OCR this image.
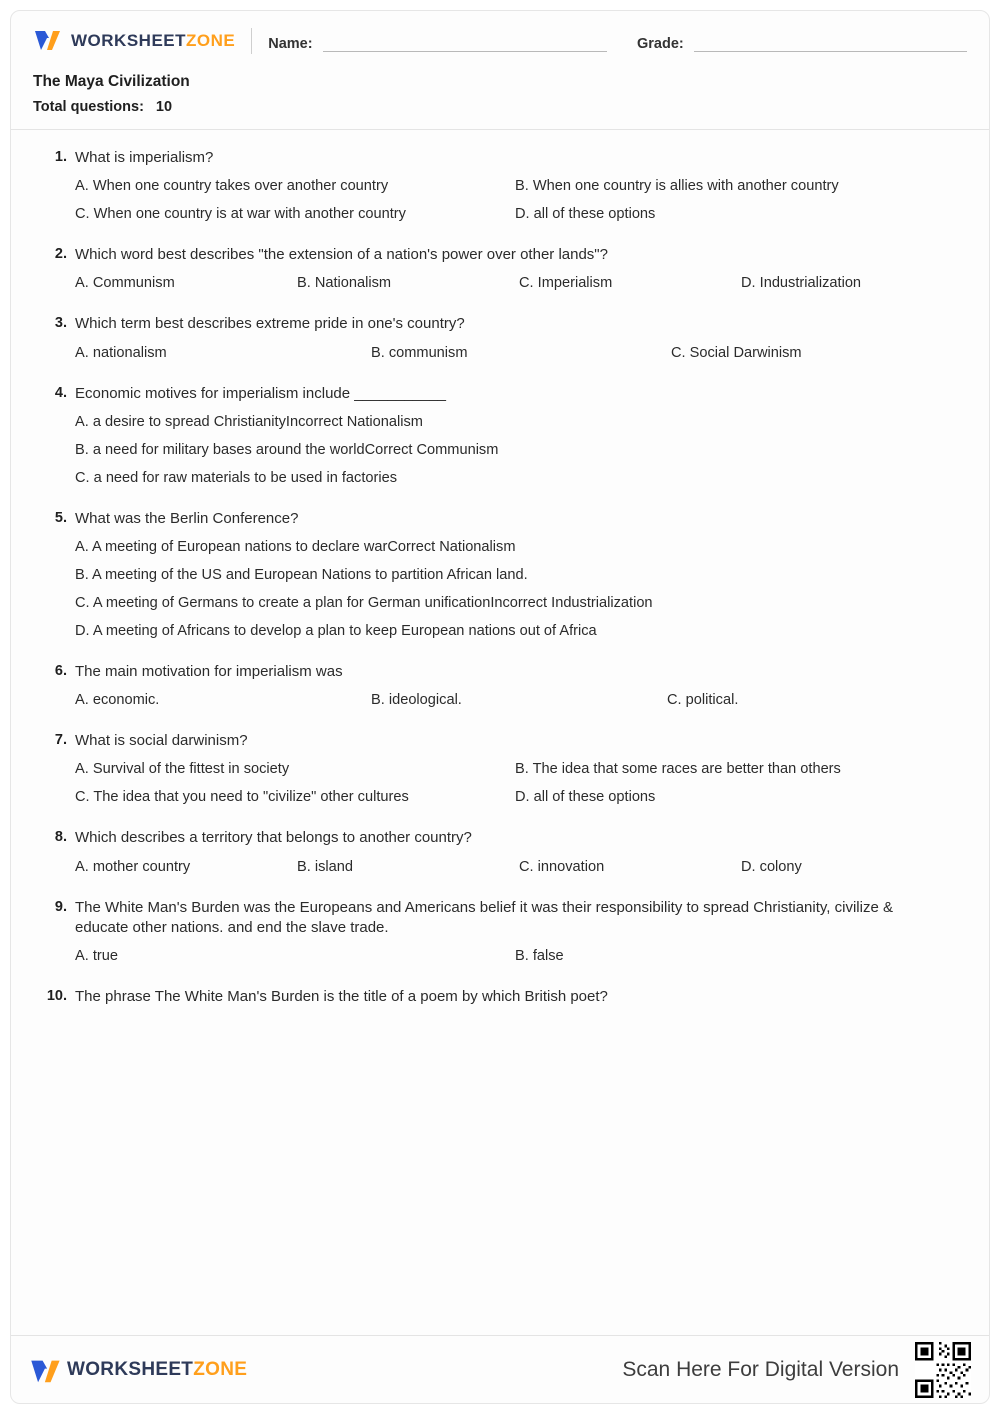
WORKSHEETZONE Name:	Grade:
The Maya Civilization
Total questions: 10
1. What is imperialism?
A. When one country takes over another country	B. When one country is allies with another country
C. When one country is at war with another country	D. all of these options
2. Which word best describes "the extension of a nation's power over other lands"?
A. Communism	B. Nationalism	C. Imperialism	D. Industrialization
3. Which term best describes extreme pride in one's country?
A. nationalism	B. communism	C. Social Darwinism
4. Economic motives for imperialism include ___________
A. a desire to spread ChristianityIncorrect Nationalism
B. a need for military bases around the worldCorrect Communism
C. a need for raw materials to be used in factories
5. What was the Berlin Conference?
A. A meeting of European nations to declare warCorrect Nationalism
B. A meeting of the US and European Nations to partition African land.
C. A meeting of Germans to create a plan for German unificationIncorrect Industrialization
D. A meeting of Africans to develop a plan to keep European nations out of Africa
6. The main motivation for imperialism was
A. economic.	B. ideological.	C. political.
7. What is social darwinism?
A. Survival of the fittest in society	B. The idea that some races are better than others
C. The idea that you need to "civilize" other cultures	D. all of these options
8. Which describes a territory that belongs to another country?
A. mother country	B. island	C. innovation	D. colony
9. The White Man's Burden was the Europeans and Americans belief it was their responsibility to spread Christianity, civilize & educate other nations. and end the slave trade.
A. true	B. false
10. The phrase The White Man's Burden is the title of a poem by which British poet?
WORKSHEETZONE	Scan Here For Digital Version
